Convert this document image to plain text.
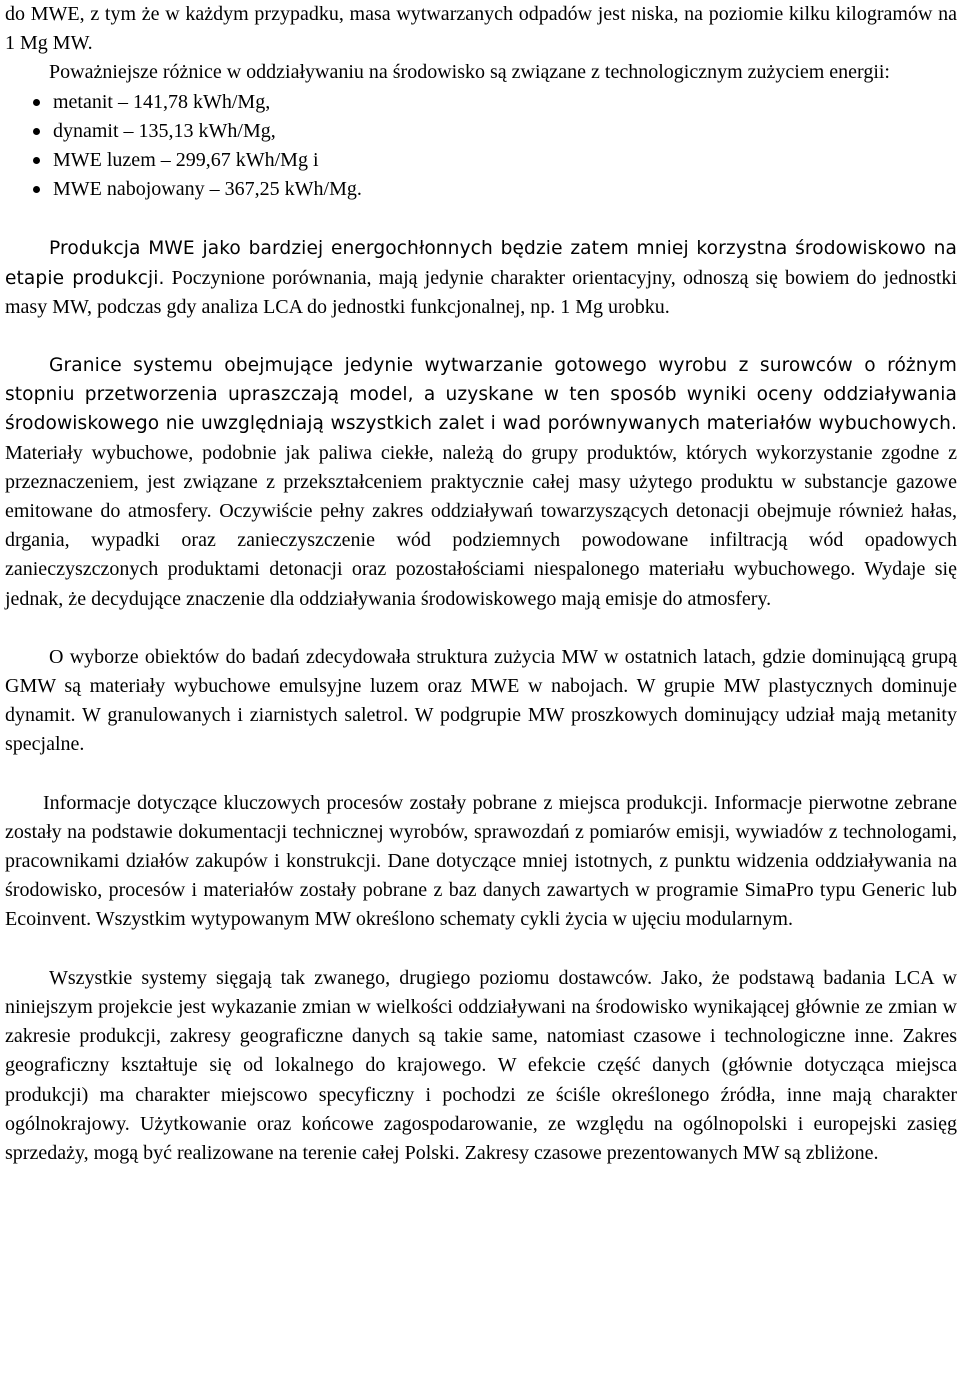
do MWE, z tym że w każdym przypadku, masa wytwarzanych odpadów jest niska, na poziomie kilku kilogramów na 1 Mg MW.
Poważniejsze różnice w oddziaływaniu na środowisko są związane z technologicznym zużyciem energii:

metanit – 141,78 kWh/Mg,
dynamit – 135,13 kWh/Mg,
MWE luzem – 299,67 kWh/Mg i
MWE nabojowany – 367,25 kWh/Mg.

Produkcja MWE jako bardziej energochłonnych będzie zatem mniej korzystna środowiskowo na etapie produkcji. Poczynione porównania, mają jedynie charakter orientacyjny, odnoszą się bowiem do jednostki masy MW, podczas gdy analiza LCA do jednostki funkcjonalnej, np. 1 Mg urobku.

Granice systemu obejmujące jedynie wytwarzanie gotowego wyrobu z surowców o różnym stopniu przetworzenia upraszczają model, a uzyskane w ten sposób wyniki oceny oddziaływania środowiskowego nie uwzględniają wszystkich zalet i wad porównywanych materiałów wybuchowych. Materiały wybuchowe, podobnie jak paliwa ciekłe, należą do grupy produktów, których wykorzystanie zgodne z przeznaczeniem, jest związane z przekształceniem praktycznie całej masy użytego produktu w substancje gazowe emitowane do atmosfery. Oczywiście pełny zakres oddziaływań towarzyszących detonacji obejmuje również hałas, drgania, wypadki oraz zanieczyszczenie wód podziemnych powodowane infiltracją wód opadowych zanieczyszczonych produktami detonacji oraz pozostałościami niespalonego materiału wybuchowego. Wydaje się jednak, że decydujące znaczenie dla oddziaływania środowiskowego mają emisje do atmosfery.

O wyborze obiektów do badań zdecydowała struktura zużycia MW w ostatnich latach, gdzie dominującą grupą GMW są materiały wybuchowe emulsyjne luzem oraz MWE w nabojach. W grupie MW plastycznych dominuje dynamit. W granulowanych i ziarnistych saletrol. W podgrupie MW proszkowych dominujący udział mają metanity specjalne.

Informacje dotyczące kluczowych procesów zostały pobrane z miejsca produkcji. Informacje pierwotne zebrane zostały na podstawie dokumentacji technicznej wyrobów, sprawozdań z pomiarów emisji, wywiadów z technologami, pracownikami działów zakupów i konstrukcji. Dane dotyczące mniej istotnych, z punktu widzenia oddziaływania na środowisko, procesów i materiałów zostały pobrane z baz danych zawartych w programie SimaPro typu Generic lub Ecoinvent. Wszystkim wytypowanym MW określono schematy cykli życia w ujęciu modularnym.

Wszystkie systemy sięgają tak zwanego, drugiego poziomu dostawców. Jako, że podstawą badania LCA w niniejszym projekcie jest wykazanie zmian w wielkości oddziaływani na środowisko wynikającej głównie ze zmian w zakresie produkcji, zakresy geograficzne danych są takie same, natomiast czasowe i technologiczne inne. Zakres geograficzny kształtuje się od lokalnego do krajowego. W efekcie część danych (głównie dotycząca miejsca produkcji) ma charakter miejscowo specyficzny i pochodzi ze ściśle określonego źródła, inne mają charakter ogólnokrajowy. Użytkowanie oraz końcowe zagospodarowanie, ze względu na ogólnopolski i europejski zasięg sprzedaży, mogą być realizowane na terenie całej Polski. Zakresy czasowe prezentowanych MW są zbliżone.
